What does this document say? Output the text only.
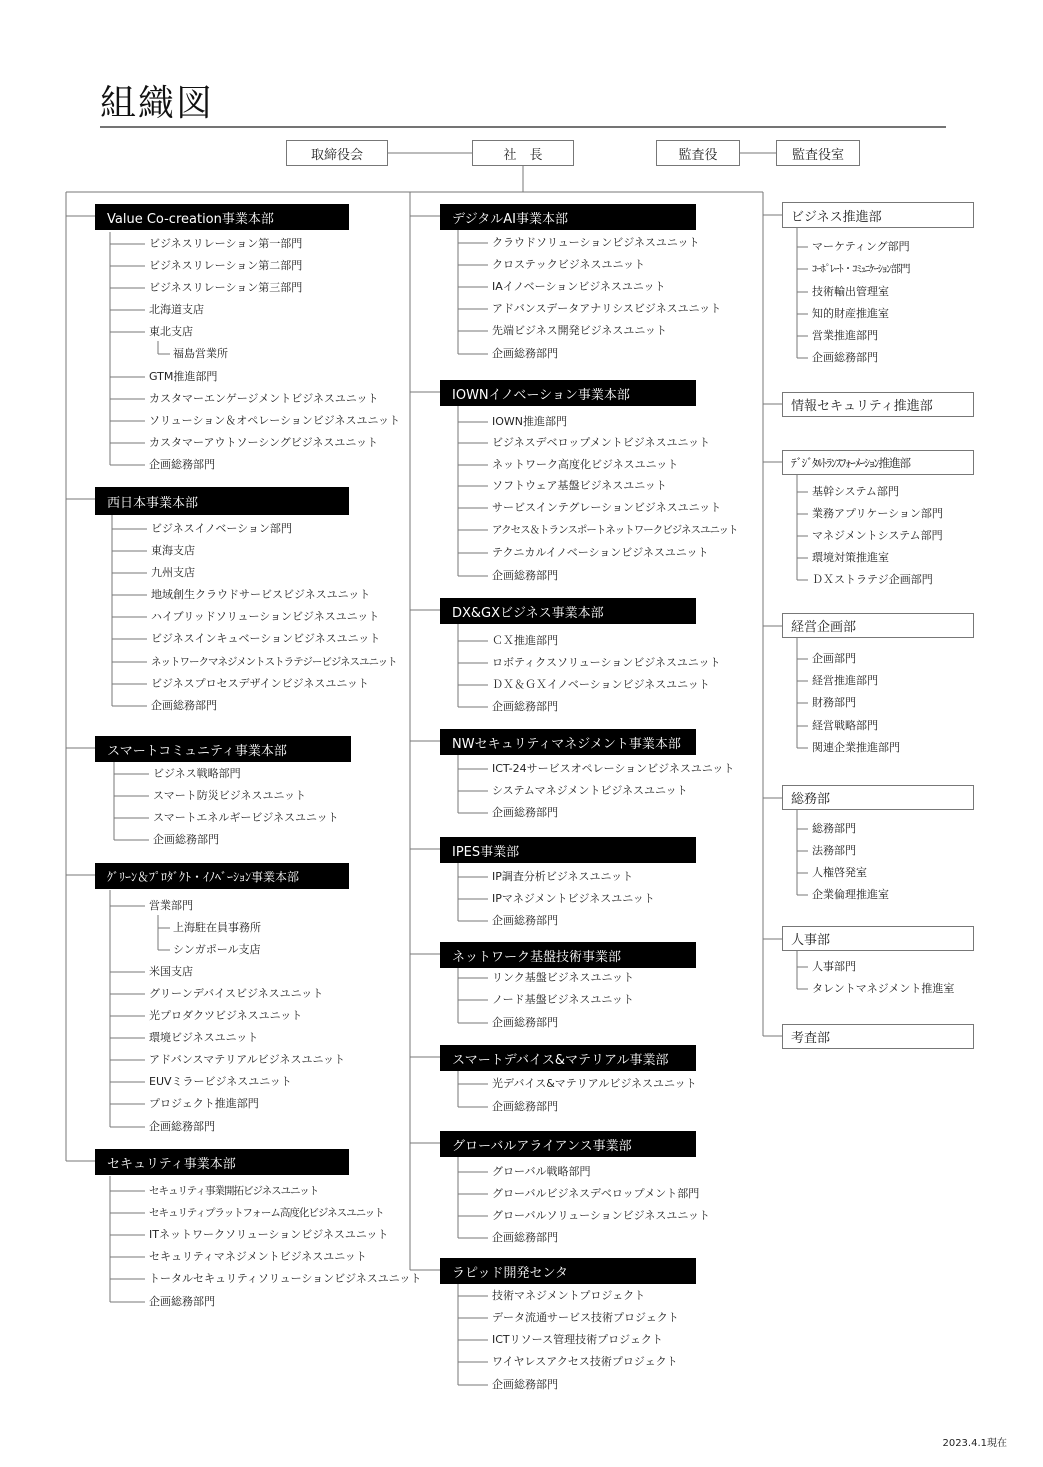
組織図
取締役会	社　長	監査役	監査役室
Value Co-creation事業本部
ビジネスリレーション第一部門
ビジネスリレーション第二部門
ビジネスリレーション第三部門
北海道支店
東北支店
福島営業所
GTM推進部門
カスタマーエンゲージメントビジネスユニット
ソリューション＆オペレーションビジネスユニット
カスタマーアウトソーシングビジネスユニット
企画総務部門
西日本事業本部
ビジネスイノベーション部門
東海支店
九州支店
地域創生クラウドサービスビジネスユニット
ハイブリッドソリューションビジネスユニット
ビジネスインキュベーションビジネスユニット
ネットワークマネジメントストラテジービジネスユニット
ビジネスプロセスデザインビジネスユニット
企画総務部門
スマートコミュニティ事業本部
ビジネス戦略部門
スマート防災ビジネスユニット
スマートエネルギービジネスユニット
企画総務部門
ｸﾞﾘｰﾝ＆ﾌﾟﾛﾀﾞｸﾄ・ｲﾉﾍﾞｰｼｮﾝ事業本部
営業部門
上海駐在員事務所
シンガポール支店
米国支店
グリーンデバイスビジネスユニット
光プロダクツビジネスユニット
環境ビジネスユニット
アドバンスマテリアルビジネスユニット
EUVミラービジネスユニット
プロジェクト推進部門
企画総務部門
セキュリティ事業本部
セキュリティ事業開拓ビジネスユニット
セキュリティプラットフォーム高度化ビジネスユニット
ITネットワークソリューションビジネスユニット
セキュリティマネジメントビジネスユニット
トータルセキュリティソリューションビジネスユニット
企画総務部門
デジタルAI事業本部
クラウドソリューションビジネスユニット
クロステックビジネスユニット
IAイノベーションビジネスユニット
アドバンスデータアナリシスビジネスユニット
先端ビジネス開発ビジネスユニット
企画総務部門
IOWNイノベーション事業本部
IOWN推進部門
ビジネスデベロップメントビジネスユニット
ネットワーク高度化ビジネスユニット
ソフトウェア基盤ビジネスユニット
サービスインテグレーションビジネスユニット
アクセス＆トランスポートネットワークビジネスユニット
テクニカルイノベーションビジネスユニット
企画総務部門
DX&GXビジネス事業本部
ＣＸ推進部門
ロボティクスソリューションビジネスユニット
ＤＸ＆ＧＸイノベーションビジネスユニット
企画総務部門
NWセキュリティマネジメント事業本部
ICT-24サービスオペレーションビジネスユニット
システムマネジメントビジネスユニット
企画総務部門
IPES事業部
IP調査分析ビジネスユニット
IPマネジメントビジネスユニット
企画総務部門
ネットワーク基盤技術事業部
リンク基盤ビジネスユニット
ノード基盤ビジネスユニット
企画総務部門
スマートデバイス&マテリアル事業部
光デバイス&マテリアルビジネスユニット
企画総務部門
グローバルアライアンス事業部
グローバル戦略部門
グローバルビジネスデベロップメント部門
グローバルソリューションビジネスユニット
企画総務部門
ラピッド開発センタ
技術マネジメントプロジェクト
データ流通サービス技術プロジェクト
ICTリソース管理技術プロジェクト
ワイヤレスアクセス技術プロジェクト
企画総務部門
ビジネス推進部
マーケティング部門
ｺｰﾎﾟﾚｰﾄ・ｺﾐｭﾆｹｰｼｮﾝ部門
技術輸出管理室
知的財産推進室
営業推進部門
企画総務部門
情報セキュリティ推進部
ﾃﾞｼﾞﾀﾙﾄﾗﾝｽﾌｫｰﾒｰｼｮﾝ推進部
基幹システム部門
業務アプリケーション部門
マネジメントシステム部門
環境対策推進室
ＤＸストラテジ企画部門
経営企画部
企画部門
経営推進部門
財務部門
経営戦略部門
関連企業推進部門
総務部
総務部門
法務部門
人権啓発室
企業倫理推進室
人事部
人事部門
タレントマネジメント推進室
考査部
2023.4.1現在
